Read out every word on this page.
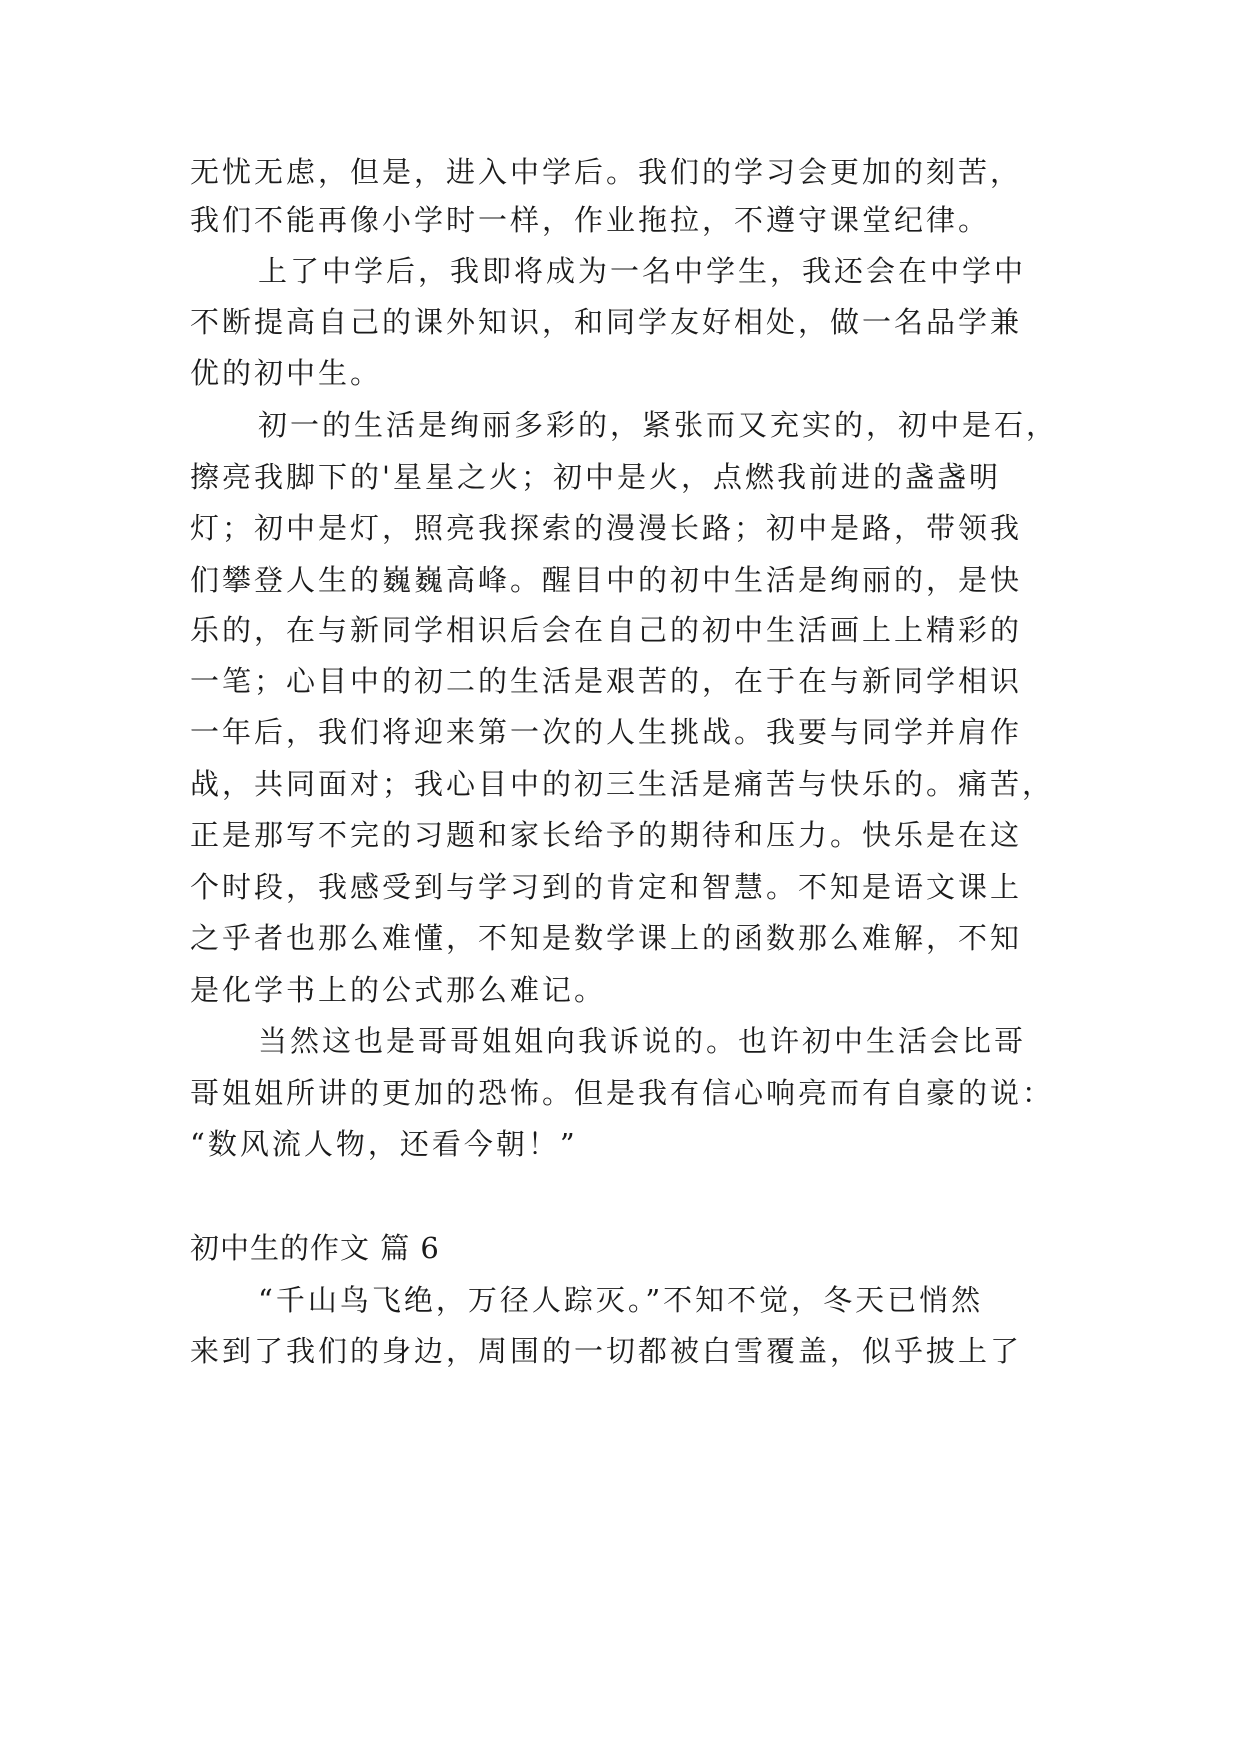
无忧无虑，但是，进入中学后。我们的学习会更加的刻苦，
我们不能再像小学时一样，作业拖拉，不遵守课堂纪律。
上了中学后，我即将成为一名中学生，我还会在中学中
不断提高自己的课外知识，和同学友好相处，做一名品学兼
优的初中生。
初一的生活是绚丽多彩的，紧张而又充实的，初中是石，
擦亮我脚下的'星星之火；初中是火，点燃我前进的盏盏明
灯；初中是灯，照亮我探索的漫漫长路；初中是路，带领我
们攀登人生的巍巍高峰。醒目中的初中生活是绚丽的，是快
乐的，在与新同学相识后会在自己的初中生活画上上精彩的
一笔；心目中的初二的生活是艰苦的，在于在与新同学相识
一年后，我们将迎来第一次的人生挑战。我要与同学并肩作
战，共同面对；我心目中的初三生活是痛苦与快乐的。痛苦，
正是那写不完的习题和家长给予的期待和压力。快乐是在这
个时段，我感受到与学习到的肯定和智慧。不知是语文课上
之乎者也那么难懂，不知是数学课上的函数那么难解，不知
是化学书上的公式那么难记。
当然这也是哥哥姐姐向我诉说的。也许初中生活会比哥
哥姐姐所讲的更加的恐怖。但是我有信心响亮而有自豪的说：
“数风流人物，还看今朝！”
初中生的作文 篇 6
“千山鸟飞绝，万径人踪灭。”不知不觉，冬天已悄然
来到了我们的身边，周围的一切都被白雪覆盖，似乎披上了
